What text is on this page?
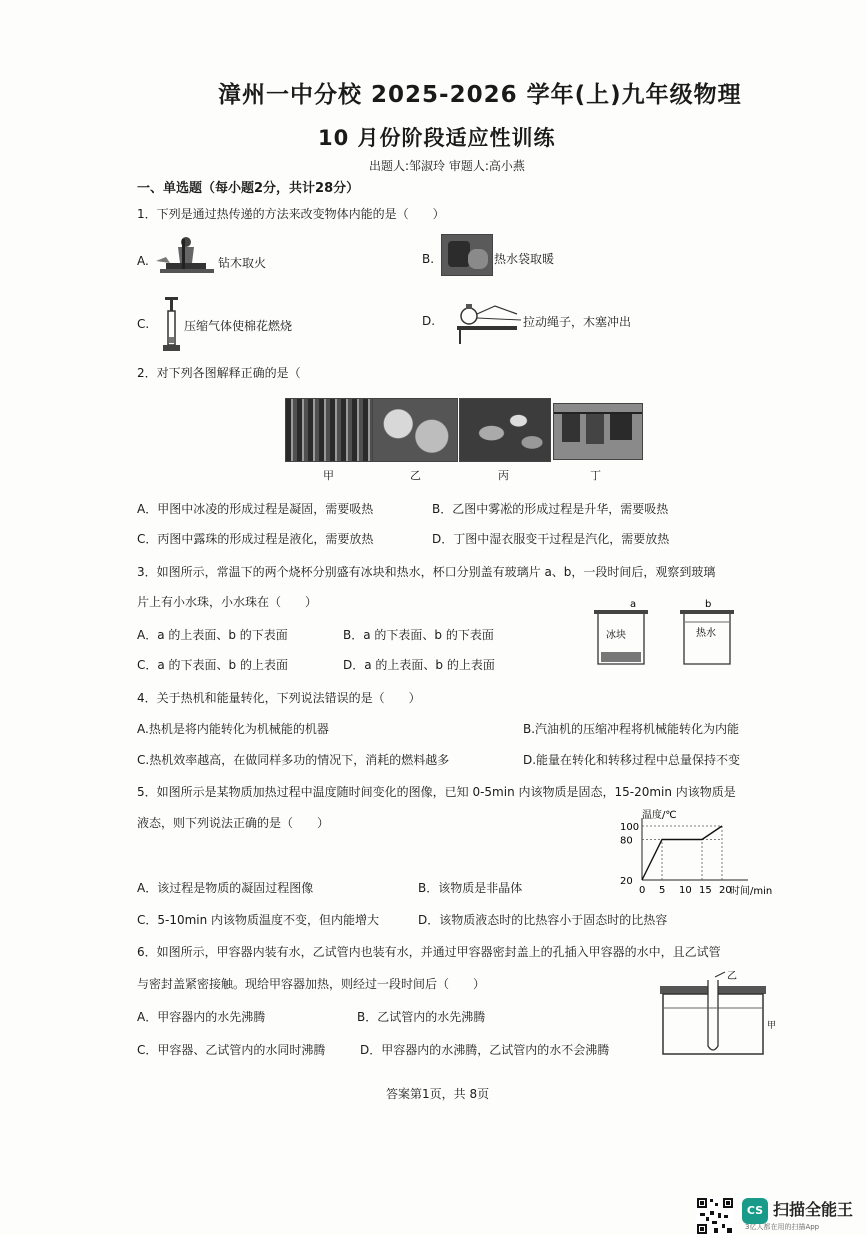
漳州一中分校 2025-2026 学年(上)九年级物理
10 月份阶段适应性训练
出题人:邹淑玲 审题人:高小燕
一、单选题（每小题2分，共计28分）
1．下列是通过热传递的方法来改变物体内能的是（　　）
A.	钻木取火	B.	热水袋取暖
C.	压缩气体使棉花燃烧	D.	拉动绳子，木塞冲出
2．对下列各图解释正确的是（
甲	乙	丙	丁
A．甲图中冰凌的形成过程是凝固，需要吸热	B．乙图中雾凇的形成过程是升华，需要吸热
C．丙图中露珠的形成过程是液化，需要放热	D．丁图中湿衣服变干过程是汽化，需要放热
3．如图所示，常温下的两个烧杯分别盛有冰块和热水，杯口分别盖有玻璃片 a、b，一段时间后，观察到玻璃
片上有小水珠，小水珠在（　　）	a
冰块
b
热水
A．a 的上表面、b 的下表面	B．a 的下表面、b 的下表面
C．a 的下表面、b 的上表面	D．a 的上表面、b 的上表面
4．关于热机和能量转化，下列说法错误的是（　　）
A.热机是将内能转化为机械能的机器	B.汽油机的压缩冲程将机械能转化为内能
C.热机效率越高，在做同样多功的情况下，消耗的燃料越多	D.能量在转化和转移过程中总量保持不变
5．如图所示是某物质加热过程中温度随时间变化的图像，已知 0-5min 内该物质是固态，15-20min 内该物质是
液态，则下列说法正确的是（　　）
温度/℃
时间/min
0 5 10 15 20
20
80
100
A．该过程是物质的凝固过程图像	B．该物质是非晶体
C．5-10min 内该物质温度不变，但内能增大	D．该物质液态时的比热容小于固态时的比热容
6．如图所示，甲容器内装有水，乙试管内也装有水，并通过甲容器密封盖上的孔插入甲容器的水中，且乙试管
与密封盖紧密接触。现给甲容器加热，则经过一段时间后（　　）
乙
甲
A．甲容器内的水先沸腾	B．乙试管内的水先沸腾
C．甲容器、乙试管内的水同时沸腾	D．甲容器内的水沸腾，乙试管内的水不会沸腾
答案第1页，共 8页
CS 扫描全能王
3亿人都在用的扫描App
